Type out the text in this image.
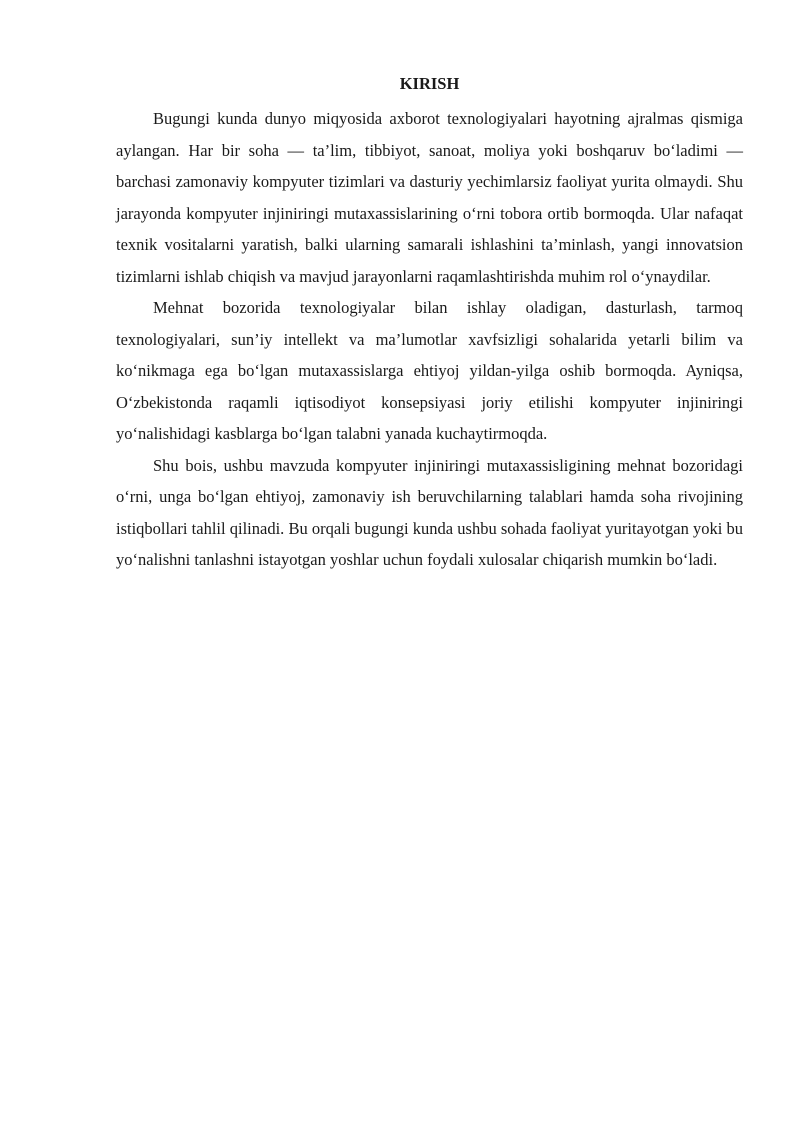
KIRISH

Bugungi kunda dunyo miqyosida axborot texnologiyalari hayotning ajralmas qismiga aylangan. Har bir soha — ta’lim, tibbiyot, sanoat, moliya yoki boshqaruv bo‘ladimi — barchasi zamonaviy kompyuter tizimlari va dasturiy yechimlarsiz faoliyat yurita olmaydi. Shu jarayonda kompyuter injiniringi mutaxassislarining o‘rni tobora ortib bormoqda. Ular nafaqat texnik vositalarni yaratish, balki ularning samarali ishlashini ta’minlash, yangi innovatsion tizimlarni ishlab chiqish va mavjud jarayonlarni raqamlashtirishda muhim rol o‘ynaydilar.

Mehnat bozorida texnologiyalar bilan ishlay oladigan, dasturlash, tarmoq texnologiyalari, sun’iy intellekt va ma’lumotlar xavfsizligi sohalarida yetarli bilim va ko‘nikmaga ega bo‘lgan mutaxassislarga ehtiyoj yildan-yilga oshib bormoqda. Ayniqsa, O‘zbekistonda raqamli iqtisodiyot konsepsiyasi joriy etilishi kompyuter injiniringi yo‘nalishidagi kasblarga bo‘lgan talabni yanada kuchaytirmoqda.

Shu bois, ushbu mavzuda kompyuter injiniringi mutaxassisligining mehnat bozoridagi o‘rni, unga bo‘lgan ehtiyoj, zamonaviy ish beruvchilarning talablari hamda soha rivojining istiqbollari tahlil qilinadi. Bu orqali bugungi kunda ushbu sohada faoliyat yuritayotgan yoki bu yo‘nalishni tanlashni istayotgan yoshlar uchun foydali xulosalar chiqarish mumkin bo‘ladi.
